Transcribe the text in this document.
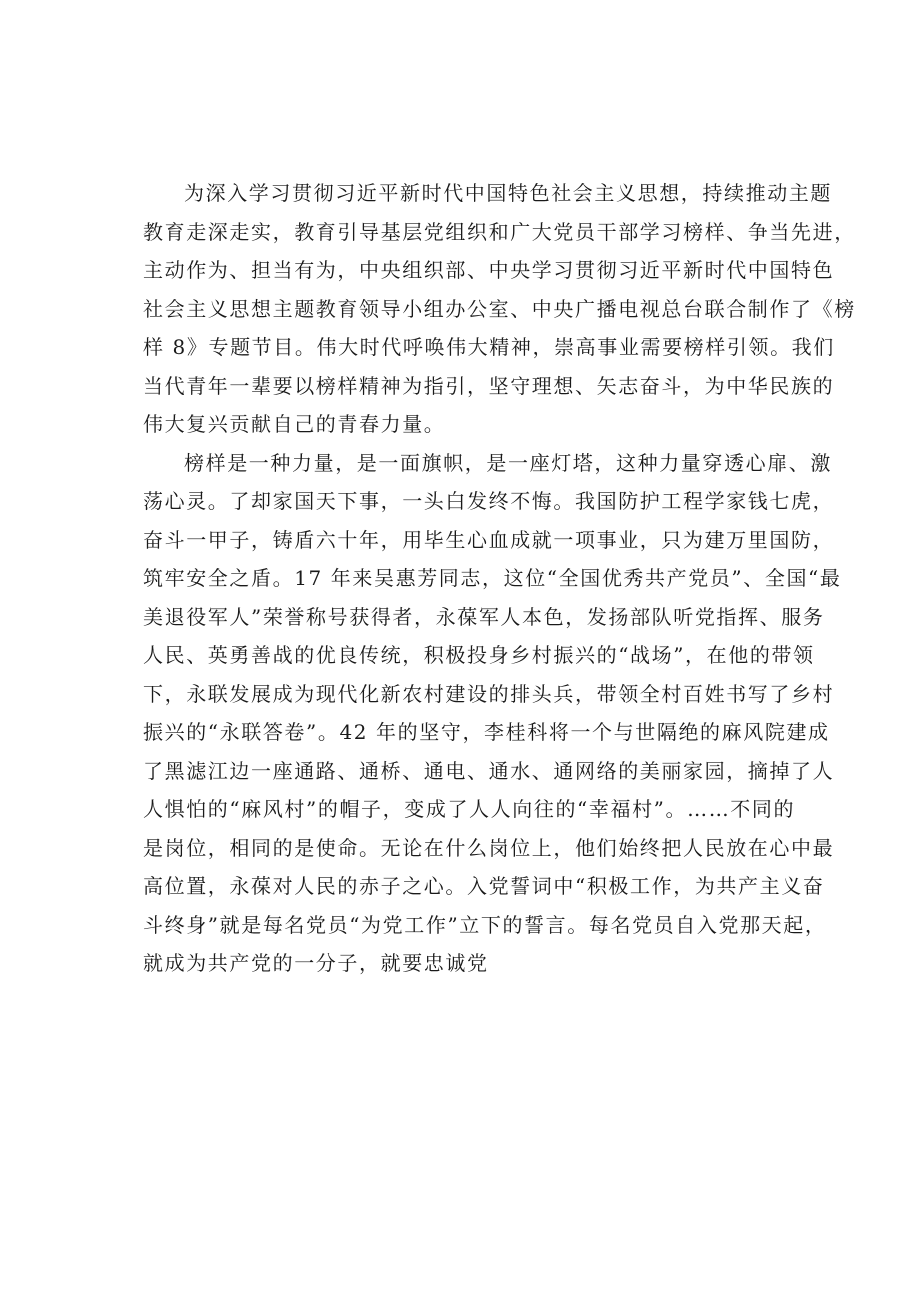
为深入学习贯彻习近平新时代中国特色社会主义思想，持续推动主题
教育走深走实，教育引导基层党组织和广大党员干部学习榜样、争当先进，
主动作为、担当有为，中央组织部、中央学习贯彻习近平新时代中国特色
社会主义思想主题教育领导小组办公室、中央广播电视总台联合制作了《榜
样 8》专题节目。伟大时代呼唤伟大精神，崇高事业需要榜样引领。我们
当代青年一辈要以榜样精神为指引，坚守理想、矢志奋斗，为中华民族的
伟大复兴贡献自己的青春力量。
榜样是一种力量，是一面旗帜，是一座灯塔，这种力量穿透心扉、激
荡心灵。了却家国天下事，一头白发终不悔。我国防护工程学家钱七虎，
奋斗一甲子，铸盾六十年，用毕生心血成就一项事业，只为建万里国防，
筑牢安全之盾。17 年来吴惠芳同志，这位“全国优秀共产党员”、全国“最
美退役军人”荣誉称号获得者，永葆军人本色，发扬部队听党指挥、服务
人民、英勇善战的优良传统，积极投身乡村振兴的“战场”，在他的带领
下，永联发展成为现代化新农村建设的排头兵，带领全村百姓书写了乡村
振兴的“永联答卷”。42 年的坚守，李桂科将一个与世隔绝的麻风院建成
了黑滤江边一座通路、通桥、通电、通水、通网络的美丽家园，摘掉了人
人惧怕的“麻风村”的帽子，变成了人人向往的“幸福村”。……不同的
是岗位，相同的是使命。无论在什么岗位上，他们始终把人民放在心中最
高位置，永葆对人民的赤子之心。入党誓词中“积极工作，为共产主义奋
斗终身”就是每名党员“为党工作”立下的誓言。每名党员自入党那天起，
就成为共产党的一分子，就要忠诚党
